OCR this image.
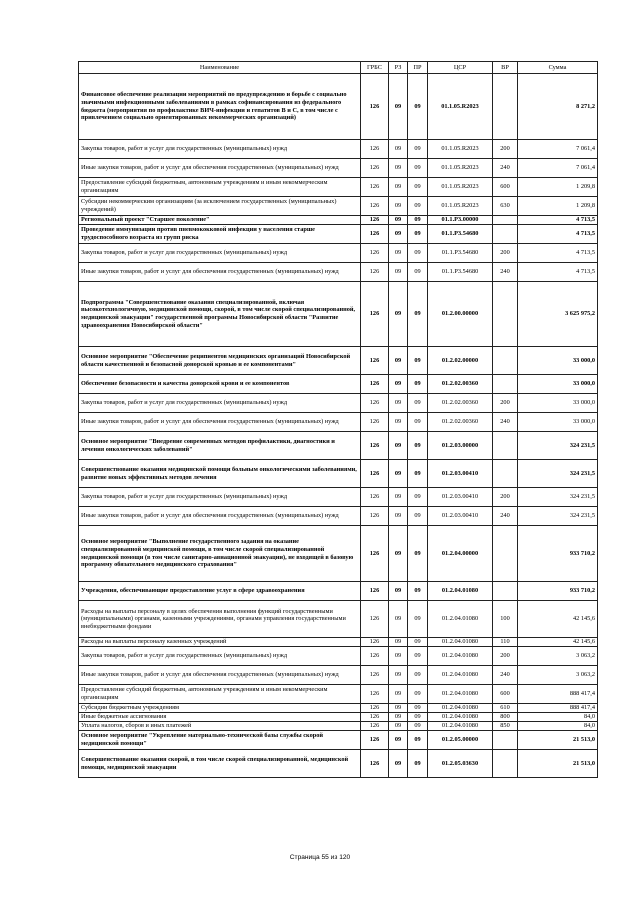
Наименование	ГРБС	РЗ	ПР	ЦСР	ВР	Сумма
Финансовое обеспечение реализации мероприятий по предупреждению и борьбе с социально значимыми инфекционными заболеваниями в рамках софинансирования из федерального бюджета (мероприятия по профилактике ВИЧ-инфекции и гепатитов В и С, в том числе с привлечением социально ориентированных некоммерческих организаций)	126	09	09	01.1.05.R2023		8 271,2
Закупка товаров, работ и услуг для государственных (муниципальных) нужд	126	09	09	01.1.05.R2023	200	7 061,4
Иные закупки товаров, работ и услуг для обеспечения государственных (муниципальных) нужд	126	09	09	01.1.05.R2023	240	7 061,4
Предоставление субсидий бюджетным, автономным учреждениям и иным некоммерческим организациям	126	09	09	01.1.05.R2023	600	1 209,8
Субсидии некоммерческим организациям (за исключением государственных (муниципальных) учреждений)	126	09	09	01.1.05.R2023	630	1 209,8
Региональный проект "Старшее поколение"	126	09	09	01.1.Р3.00000		4 713,5
Проведение иммунизации против пневмококковой инфекции у населения старше трудоспособного возраста из групп риска	126	09	09	01.1.Р3.54680		4 713,5
Закупка товаров, работ и услуг для государственных (муниципальных) нужд	126	09	09	01.1.Р3.54680	200	4 713,5
Иные закупки товаров, работ и услуг для обеспечения государственных (муниципальных) нужд	126	09	09	01.1.Р3.54680	240	4 713,5
Подпрограмма "Совершенствование оказания специализированной, включая высокотехнологичную, медицинской помощи, скорой, в том числе скорой специализированной, медицинской эвакуации" государственной программы Новосибирской области "Развитие здравоохранения Новосибирской области"	126	09	09	01.2.00.00000		3 625 975,2
Основное мероприятие "Обеспечение реципиентов медицинских организаций Новосибирской области качественной и безопасной донорской кровью и ее компонентами"	126	09	09	01.2.02.00000		33 000,0
Обеспечение безопасности и качества донорской крови и ее компонентов	126	09	09	01.2.02.00360		33 000,0
Закупка товаров, работ и услуг для государственных (муниципальных) нужд	126	09	09	01.2.02.00360	200	33 000,0
Иные закупки товаров, работ и услуг для обеспечения государственных (муниципальных) нужд	126	09	09	01.2.02.00360	240	33 000,0
Основное мероприятие "Внедрение современных методов профилактики, диагностики и лечения онкологических заболеваний"	126	09	09	01.2.03.00000		324 231,5
Совершенствование оказания медицинской помощи больным онкологическими заболеваниями, развитие новых эффективных методов лечения	126	09	09	01.2.03.00410		324 231,5
Закупка товаров, работ и услуг для государственных (муниципальных) нужд	126	09	09	01.2.03.00410	200	324 231,5
Иные закупки товаров, работ и услуг для обеспечения государственных (муниципальных) нужд	126	09	09	01.2.03.00410	240	324 231,5
Основное мероприятие "Выполнение государственного задания на оказание специализированной медицинской помощи, в том числе скорой специализированной медицинской помощи (в том числе санитарно-авиационной эвакуации), не входящей в базовую программу обязательного медицинского страхования"	126	09	09	01.2.04.00000		933 710,2
Учреждения, обеспечивающие предоставление услуг в сфере здравоохранения	126	09	09	01.2.04.01080		933 710,2
Расходы на выплаты персоналу в целях обеспечения выполнения функций государственными (муниципальными) органами, казенными учреждениями, органами управления государственными внебюджетными фондами	126	09	09	01.2.04.01080	100	42 145,6
Расходы на выплаты персоналу казенных учреждений	126	09	09	01.2.04.01080	110	42 145,6
Закупка товаров, работ и услуг для государственных (муниципальных) нужд	126	09	09	01.2.04.01080	200	3 063,2
Иные закупки товаров, работ и услуг для обеспечения государственных (муниципальных) нужд	126	09	09	01.2.04.01080	240	3 063,2
Предоставление субсидий бюджетным, автономным учреждениям и иным некоммерческим организациям	126	09	09	01.2.04.01080	600	888 417,4
Субсидии бюджетным учреждениям	126	09	09	01.2.04.01080	610	888 417,4
Иные бюджетные ассигнования	126	09	09	01.2.04.01080	800	84,0
Уплата налогов, сборов и иных платежей	126	09	09	01.2.04.01080	850	84,0
Основное мероприятие "Укрепление материально-технической базы службы скорой медицинской помощи"	126	09	09	01.2.05.00000		21 513,0
Совершенствование оказания скорой, в том числе скорой специализированной, медицинской помощи, медицинской эвакуации	126	09	09	01.2.05.03630		21 513,0
Страница 55 из 120
